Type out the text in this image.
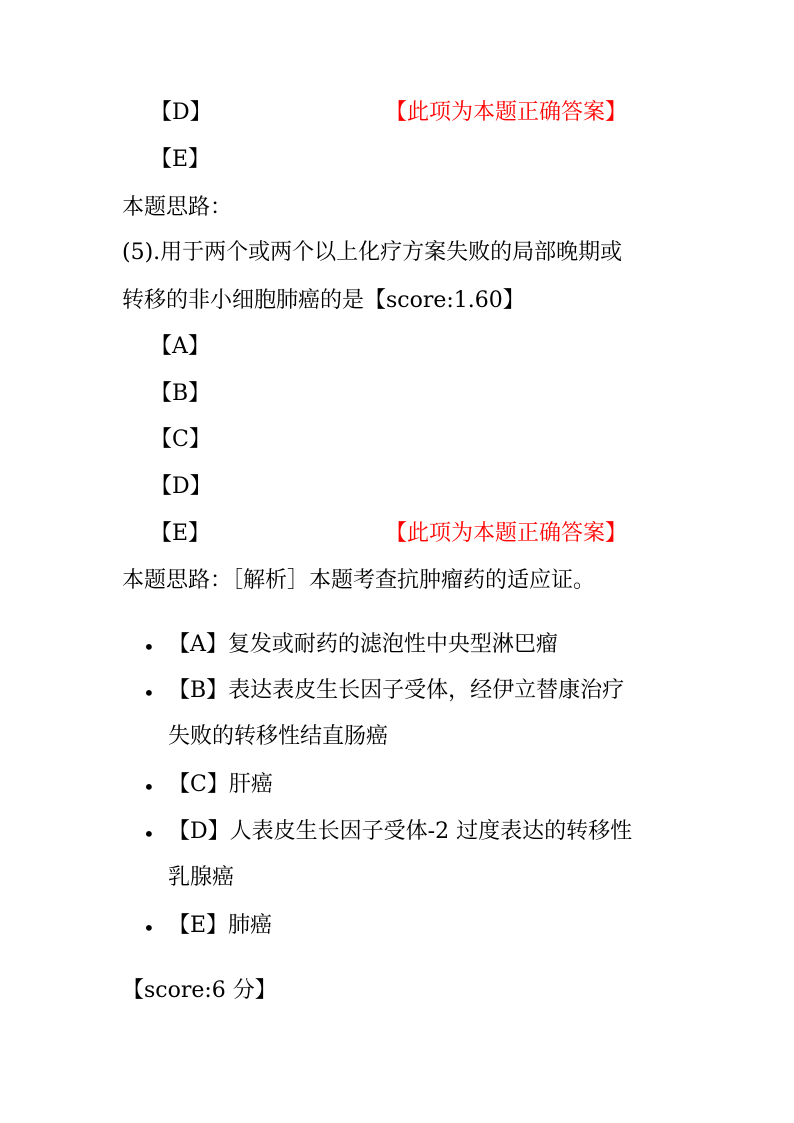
【D】	【此项为本题正确答案】
【E】
本题思路：
(5).用于两个或两个以上化疗方案失败的局部晚期或
转移的非小细胞肺癌的是【score:1.60】
【A】
【B】
【C】
【D】
【E】	【此项为本题正确答案】
本题思路：［解析］本题考查抗肿瘤药的适应证。
• 【A】复发或耐药的滤泡性中央型淋巴瘤
• 【B】表达表皮生长因子受体，经伊立替康治疗
失败的转移性结直肠癌
• 【C】肝癌
• 【D】人表皮生长因子受体-2 过度表达的转移性
乳腺癌
• 【E】肺癌
【score:6 分】
